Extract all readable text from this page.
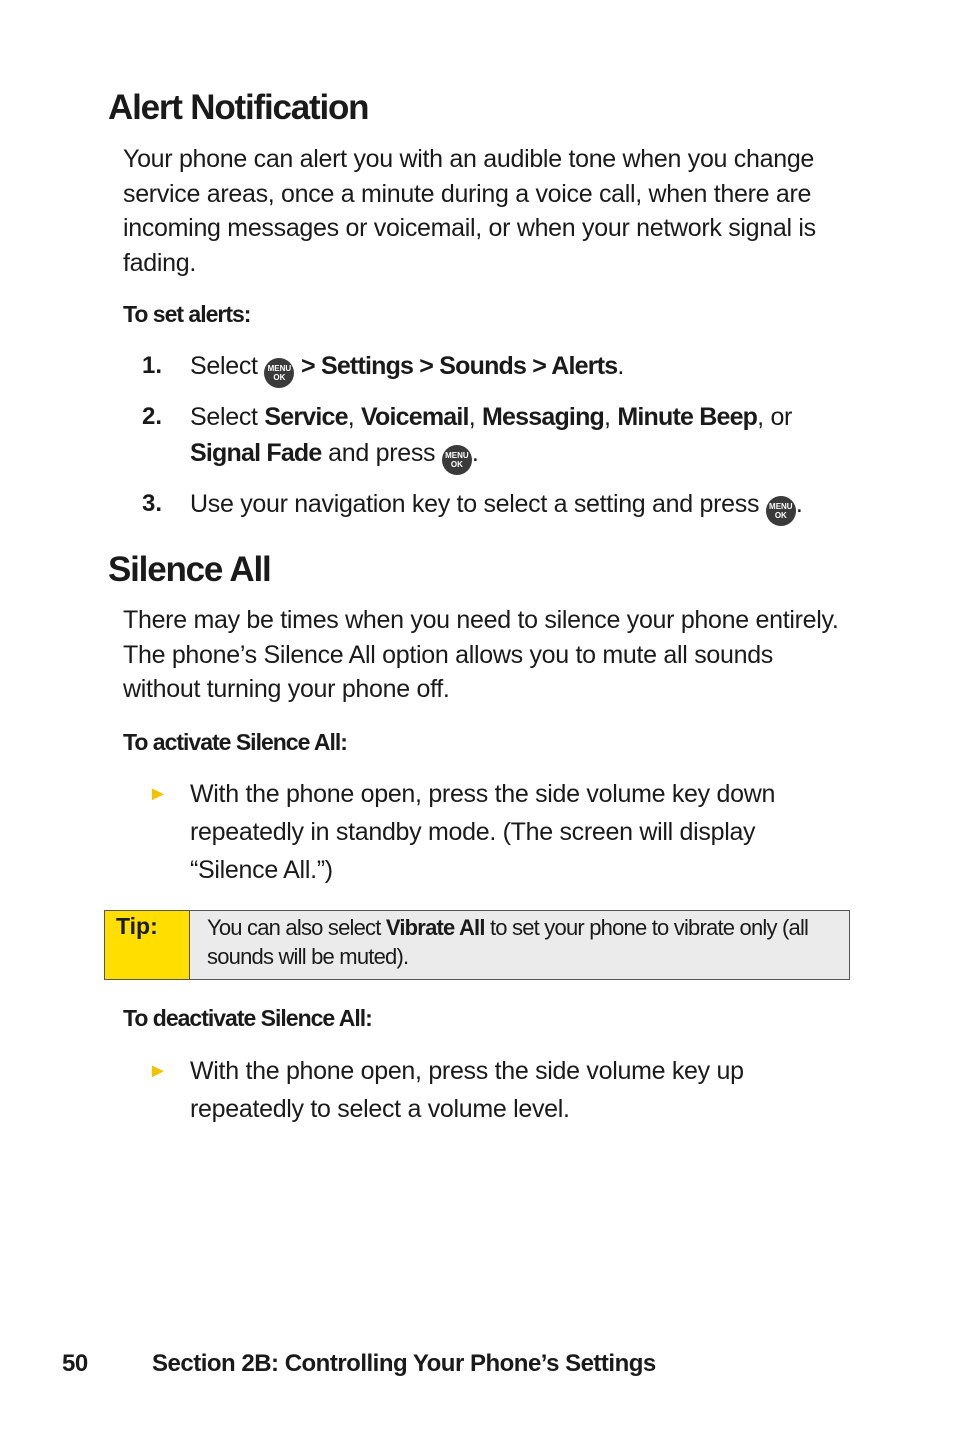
Alert Notification

Your phone can alert you with an audible tone when you change service areas, once a minute during a voice call, when there are incoming messages or voicemail, or when your network signal is fading.

To set alerts:

1. Select MENU
OK > Settings > Sounds > Alerts.
2. Select Service, Voicemail, Messaging, Minute Beep, or Signal Fade and press MENU
OK .
3. Use your navigation key to select a setting and press MENU
OK .
Silence All

There may be times when you need to silence your phone entirely. The phone’s Silence All option allows you to mute all sounds without turning your phone off.

To activate Silence All:

► With the phone open, press the side volume key down repeatedly in standby mode. (The screen will display “Silence All.”)
Tip:	You can also select Vibrate All to set your phone to vibrate only (all sounds will be muted).

To deactivate Silence All:

► With the phone open, press the side volume key up repeatedly to select a volume level.
50	Section 2B: Controlling Your Phone’s Settings
